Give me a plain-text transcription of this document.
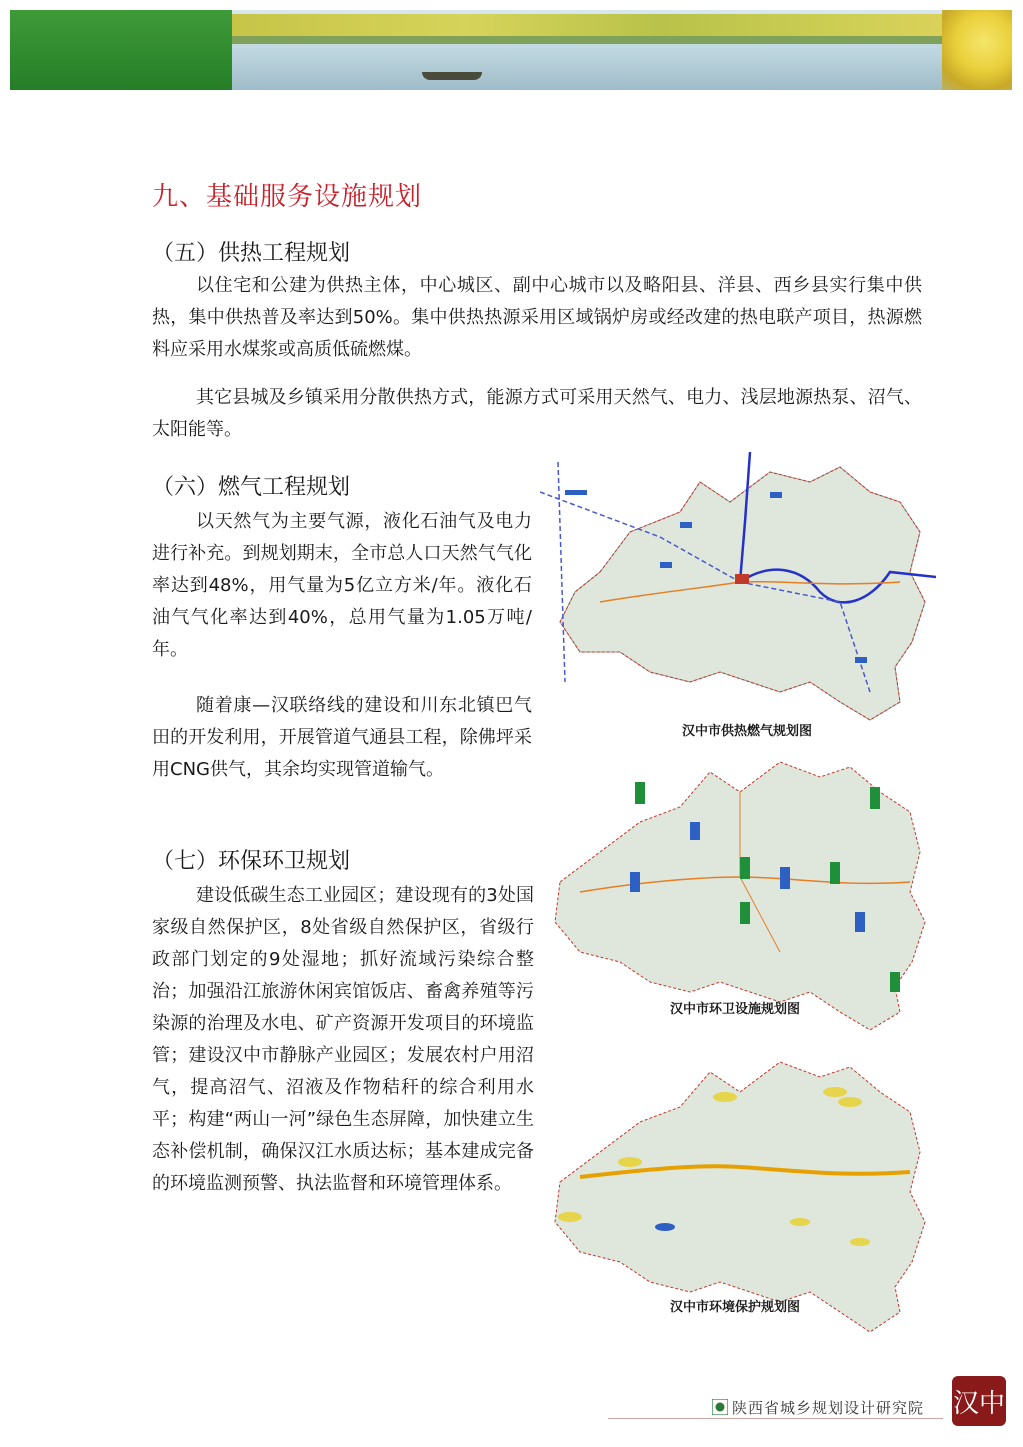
九、基础服务设施规划
（五）供热工程规划

以住宅和公建为供热主体，中心城区、副中心城市以及略阳县、洋县、西乡县实行集中供热，集中供热普及率达到50%。集中供热热源采用区域锅炉房或经改建的热电联产项目，热源燃料应采用水煤浆或高质低硫燃煤。

其它县城及乡镇采用分散供热方式，能源方式可采用天然气、电力、浅层地源热泵、沼气、太阳能等。

（六）燃气工程规划

以天然气为主要气源，液化石油气及电力进行补充。到规划期末，全市总人口天然气气化率达到48%，用气量为5亿立方米/年。液化石油气气化率达到40%，总用气量为1.05万吨/年。

随着康—汉联络线的建设和川东北镇巴气田的开发利用，开展管道气通县工程，除佛坪采用CNG供气，其余均实现管道输气。

（七）环保环卫规划

建设低碳生态工业园区；建设现有的3处国家级自然保护区，8处省级自然保护区，省级行政部门划定的9处湿地；抓好流域污染综合整治；加强沿江旅游休闲宾馆饭店、畜禽养殖等污染源的治理及水电、矿产资源开发项目的环境监管；建设汉中市静脉产业园区；发展农村户用沼气，提高沼气、沼液及作物秸秆的综合利用水平；构建“两山一河”绿色生态屏障，加快建立生态补偿机制，确保汉江水质达标；基本建成完备的环境监测预警、执法监督和环境管理体系。

汉中市供热燃气规划图
汉中市环卫设施规划图
汉中市环境保护规划图
陕西省城乡规划设计研究院 汉中
